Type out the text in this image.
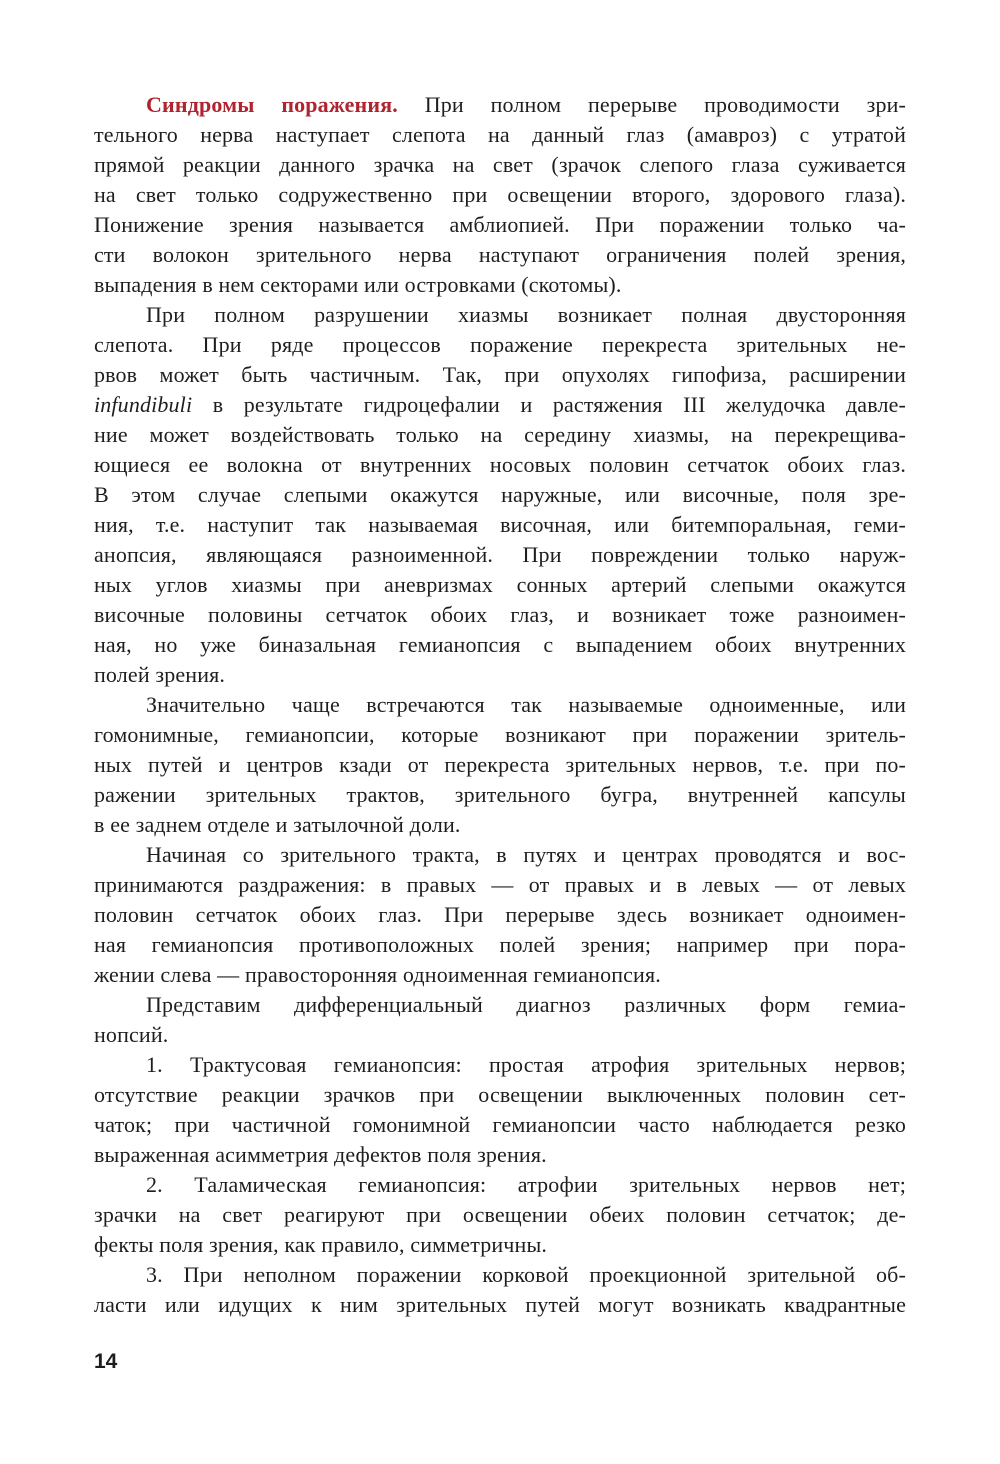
Синдромы поражения. При полном перерыве проводимости зри-
тельного нерва наступает слепота на данный глаз (амавроз) с утратой
прямой реакции данного зрачка на свет (зрачок слепого глаза суживается
на свет только содружественно при освещении второго, здорового глаза).
Понижение зрения называется амблиопией. При поражении только ча-
сти волокон зрительного нерва наступают ограничения полей зрения,
выпадения в нем секторами или островками (скотомы).
При полном разрушении хиазмы возникает полная двусторонняя
слепота. При ряде процессов поражение перекреста зрительных не-
рвов может быть частичным. Так, при опухолях гипофиза, расширении
infundibuli в результате гидроцефалии и растяжения III желудочка давле-
ние может воздействовать только на середину хиазмы, на перекрещива-
ющиеся ее волокна от внутренних носовых половин сетчаток обоих глаз.
В этом случае слепыми окажутся наружные, или височные, поля зре-
ния, т.е. наступит так называемая височная, или битемпоральная, геми-
анопсия, являющаяся разноименной. При повреждении только наруж-
ных углов хиазмы при аневризмах сонных артерий слепыми окажутся
височные половины сетчаток обоих глаз, и возникает тоже разноимен-
ная, но уже биназальная гемианопсия с выпадением обоих внутренних
полей зрения.
Значительно чаще встречаются так называемые одноименные, или
гомонимные, гемианопсии, которые возникают при поражении зритель-
ных путей и центров кзади от перекреста зрительных нервов, т.е. при по-
ражении зрительных трактов, зрительного бугра, внутренней капсулы
в ее заднем отделе и затылочной доли.
Начиная со зрительного тракта, в путях и центрах проводятся и вос-
принимаются раздражения: в правых — от правых и в левых — от левых
половин сетчаток обоих глаз. При перерыве здесь возникает одноимен-
ная гемианопсия противоположных полей зрения; например при пора-
жении слева — правосторонняя одноименная гемианопсия.
Представим дифференциальный диагноз различных форм гемиа-
нопсий.
1. Трактусовая гемианопсия: простая атрофия зрительных нервов;
отсутствие реакции зрачков при освещении выключенных половин сет-
чаток; при частичной гомонимной гемианопсии часто наблюдается резко
выраженная асимметрия дефектов поля зрения.
2. Таламическая гемианопсия: атрофии зрительных нервов нет;
зрачки на свет реагируют при освещении обеих половин сетчаток; де-
фекты поля зрения, как правило, симметричны.
3. При неполном поражении корковой проекционной зрительной об-
ласти или идущих к ним зрительных путей могут возникать квадрантные
14
